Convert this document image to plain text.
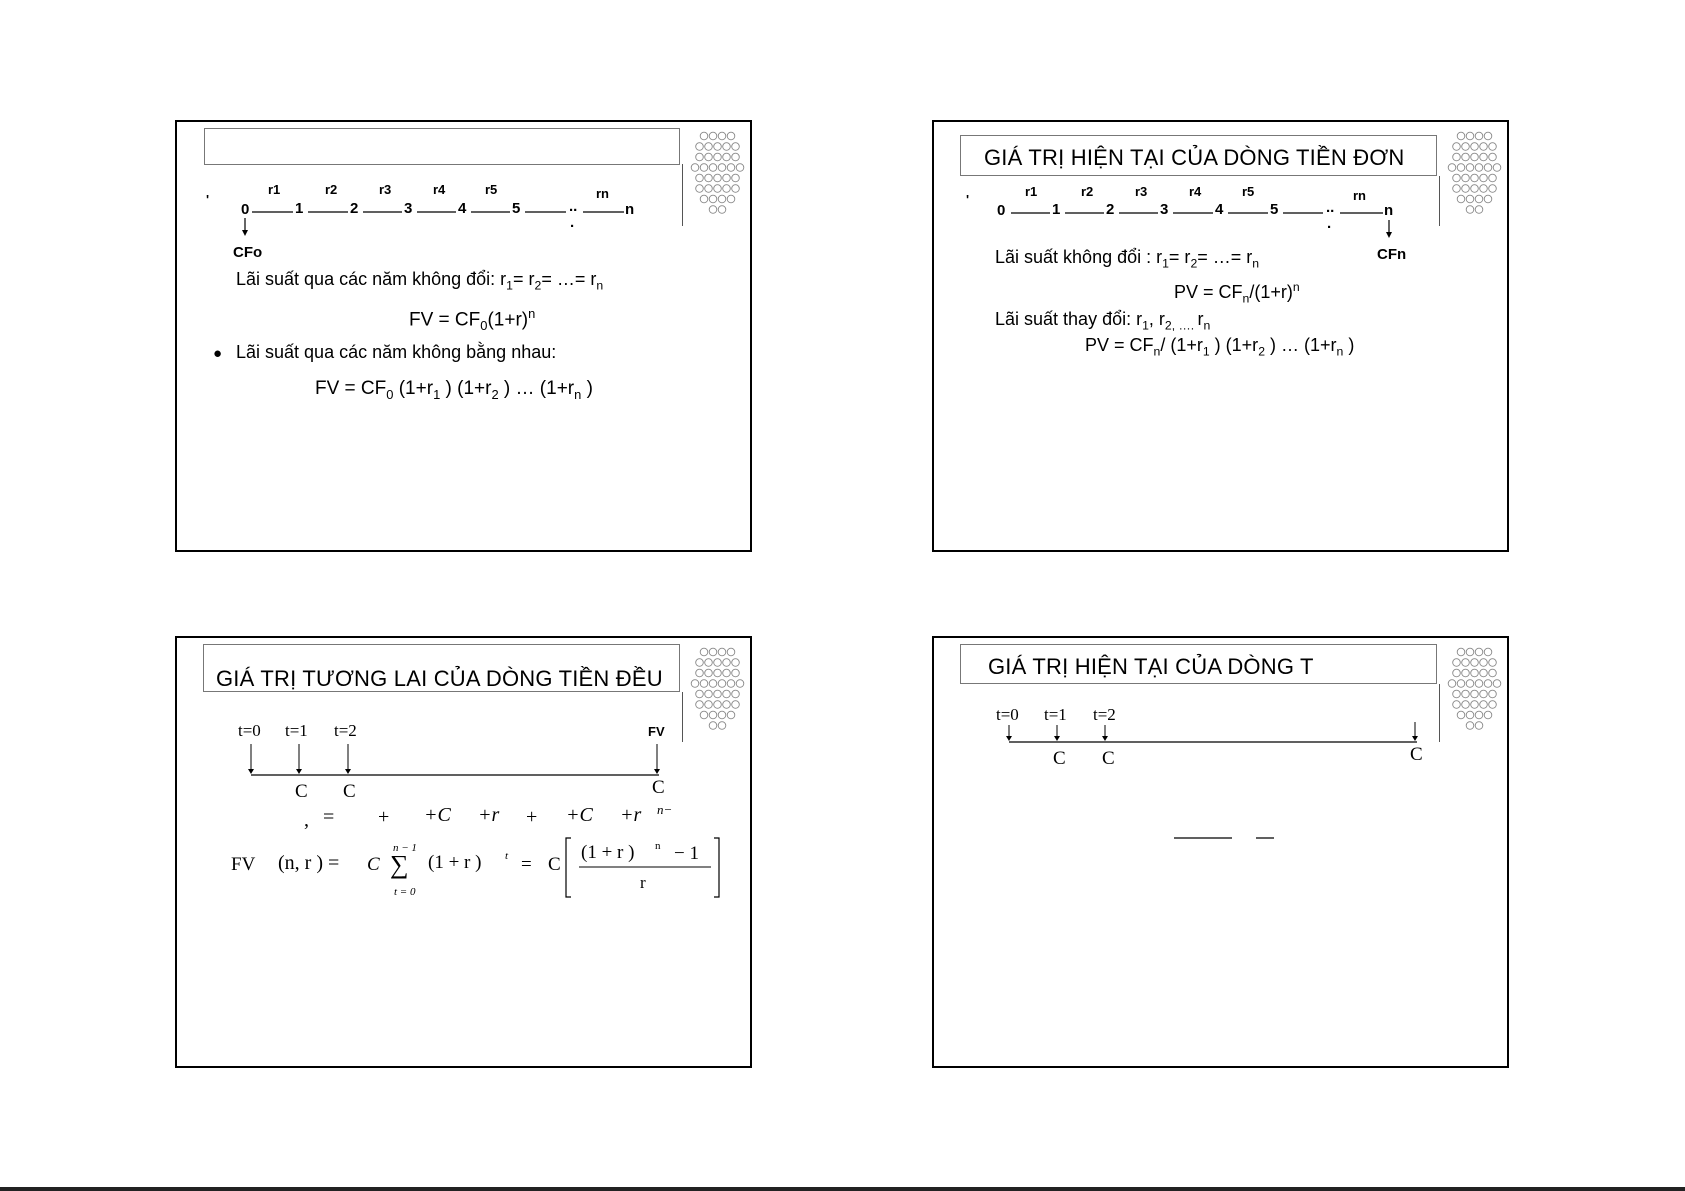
'
r1	r2	r3	r4	r5	rn
0	1	2	3	4	5	..	n
.
CFo
Lãi suất qua các năm không đổi: $r_1= r_2=$ …= $r_n$
FV = $CF_0(1+r)^n$
● Lãi suất qua các năm không bằng nhau:
FV = $CF_0$ ($1+r_1$ ) ($1+r_2$ ) … ($1+r_n$ )
GIÁ TRỊ HIỆN TẠI CỦA DÒNG TIỀN ĐƠN
'
r1	r2	r3	r4	r5	rn
0	1	2	3	4	5	..	n
.
CFn
Lãi suất không đổi : $r_1= r_2=$ …= $r_n$
PV = $CF_n/(1+r)^n$
Lãi suất thay đổi: $r_1$, $r_{2, \dots.}$ $r_n$
PV = $CF_n/$ ($1+r_1$ ) ($1+r_2$ ) … ($1+r_n$ )
GIÁ TRỊ TƯƠNG LAI CỦA DÒNG TIỀN ĐỀU
t=0 t=1 t=2	FV
C C	C
, = + +C +r + +C +r n−
FV (n, r ) = C
n − 1
∑
t = 0
(1 + r ) t = C
(1 + r ) n − 1
r
GIÁ TRỊ HIỆN TẠI CỦA DÒNG T
t=0 t=1 t=2
C C	C
